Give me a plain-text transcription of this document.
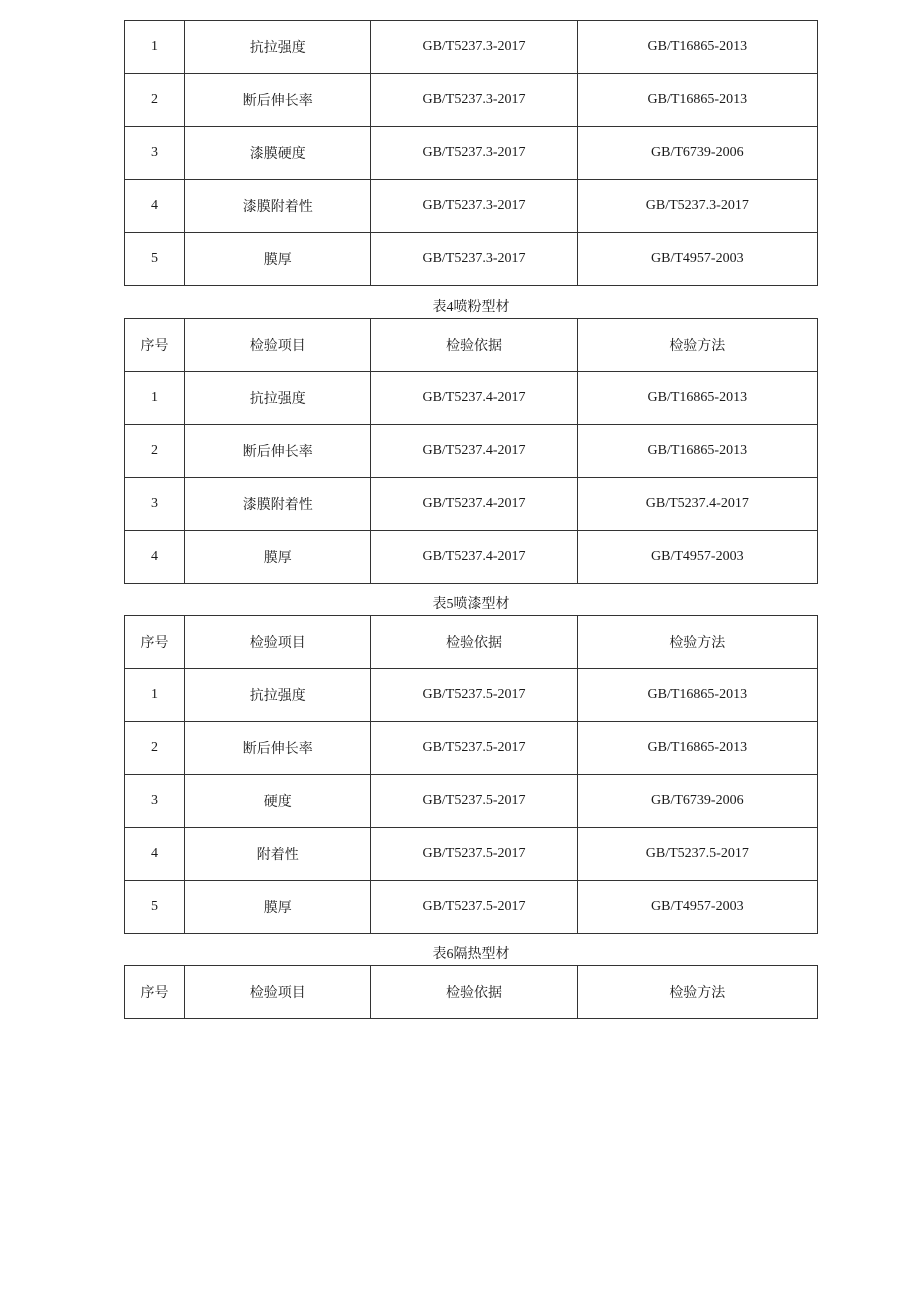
1	抗拉强度	GB/T5237.3-2017	GB/T16865-2013
2	断后伸长率	GB/T5237.3-2017	GB/T16865-2013
3	漆膜硬度	GB/T5237.3-2017	GB/T6739-2006
4	漆膜附着性	GB/T5237.3-2017	GB/T5237.3-2017
5	膜厚	GB/T5237.3-2017	GB/T4957-2003
表4喷粉型材
序号	检验项目	检验依据	检验方法
1	抗拉强度	GB/T5237.4-2017	GB/T16865-2013
2	断后伸长率	GB/T5237.4-2017	GB/T16865-2013
3	漆膜附着性	GB/T5237.4-2017	GB/T5237.4-2017
4	膜厚	GB/T5237.4-2017	GB/T4957-2003
表5喷漆型材
序号	检验项目	检验依据	检验方法
1	抗拉强度	GB/T5237.5-2017	GB/T16865-2013
2	断后伸长率	GB/T5237.5-2017	GB/T16865-2013
3	硬度	GB/T5237.5-2017	GB/T6739-2006
4	附着性	GB/T5237.5-2017	GB/T5237.5-2017
5	膜厚	GB/T5237.5-2017	GB/T4957-2003
表6隔热型材
序号	检验项目	检验依据	检验方法
